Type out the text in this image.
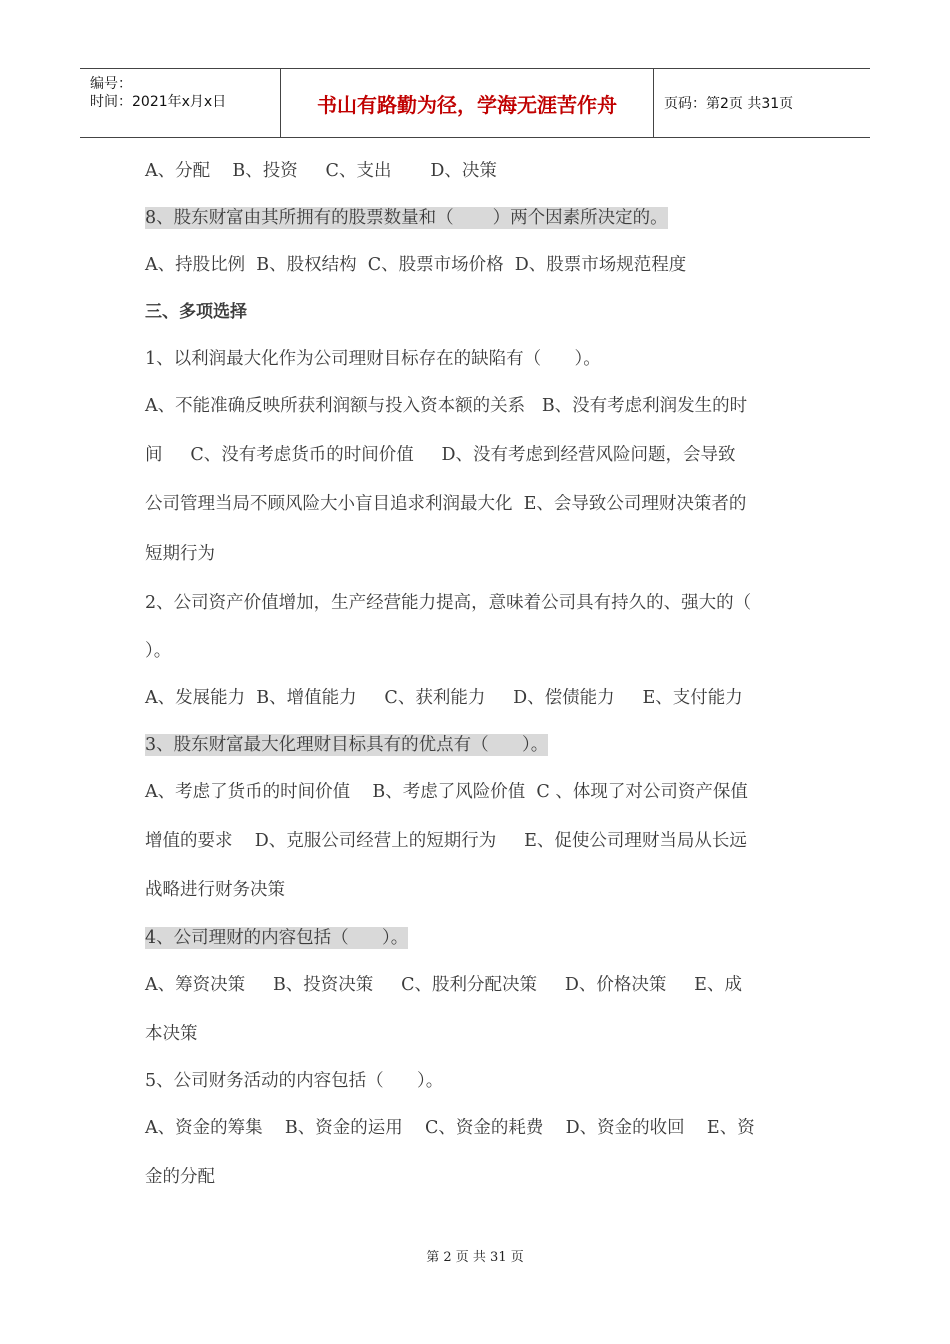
编号：
时间：2021年x月x日	书山有路勤为径，学海无涯苦作舟	页码：第2页 共31页
A、分配    B、投资     C、支出       D、决策
8、股东财富由其所拥有的股票数量和（       ）两个因素所决定的。
A、持股比例  B、股权结构  C、股票市场价格  D、股票市场规范程度
三、多项选择
1、以利润最大化作为公司理财目标存在的缺陷有（      ）。
A、不能准确反映所获利润额与投入资本额的关系   B、没有考虑利润发生的时
间     C、没有考虑货币的时间价值     D、没有考虑到经营风险问题，会导致
公司管理当局不顾风险大小盲目追求利润最大化  E、会导致公司理财决策者的
短期行为
2、公司资产价值增加，生产经营能力提高，意味着公司具有持久的、强大的（
）。
A、发展能力  B、增值能力     C、获利能力     D、偿债能力     E、支付能力
3、股东财富最大化理财目标具有的优点有（      ）。
A、考虑了货币的时间价值    B、考虑了风险价值  C 、体现了对公司资产保值
增值的要求    D、克服公司经营上的短期行为     E、促使公司理财当局从长远
战略进行财务决策
4、公司理财的内容包括（      ）。
A、筹资决策     B、投资决策     C、股利分配决策     D、价格决策     E、成
本决策
5、公司财务活动的内容包括（      ）。
A、资金的筹集    B、资金的运用    C、资金的耗费    D、资金的收回    E、资
金的分配
第 2 页 共 31 页
